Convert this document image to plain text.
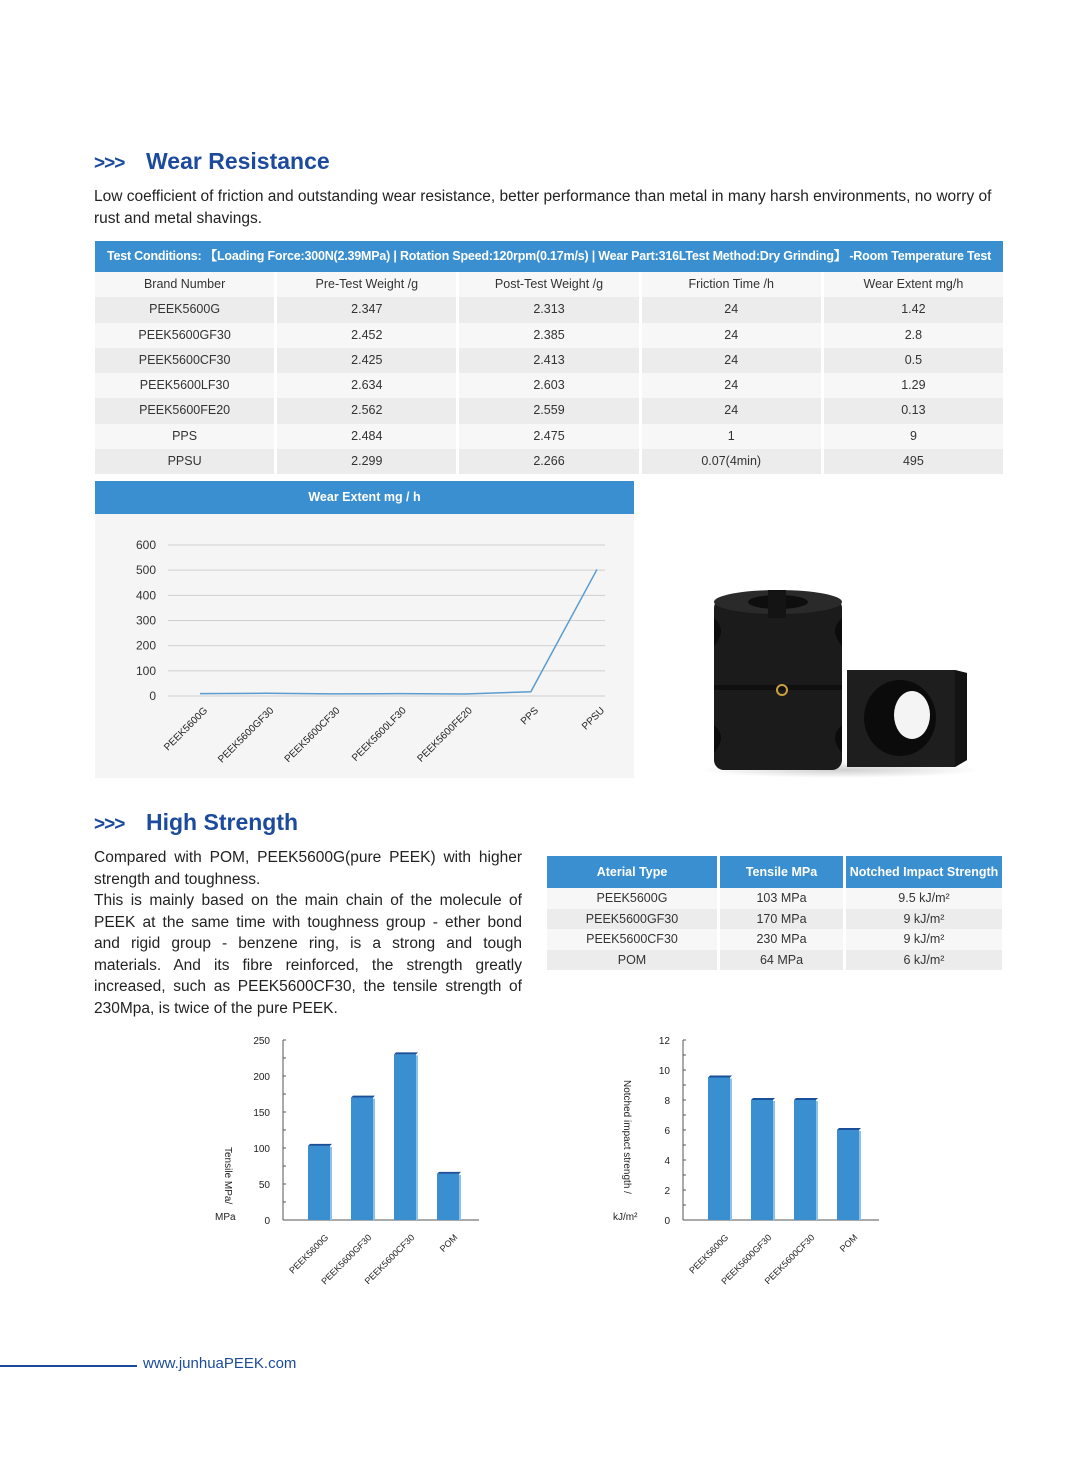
>>> Wear Resistance
Low coefficient of friction and outstanding wear resistance, better performance than metal in many harsh environments, no worry of rust and metal shavings.
Test Conditions: 【Loading Force:300N(2.39MPa) | Rotation Speed:120rpm(0.17m/s) | Wear Part:316LTest Method:Dry Grinding】 -Room Temperature Test
Brand Number	Pre-Test Weight /g	Post-Test Weight /g	Friction Time /h	Wear Extent mg/h
PEEK5600G	2.347	2.313	24	1.42
PEEK5600GF30	2.452	2.385	24	2.8
PEEK5600CF30	2.425	2.413	24	0.5
PEEK5600LF30	2.634	2.603	24	1.29
PEEK5600FE20	2.562	2.559	24	0.13
PPS	2.484	2.475	1	9
PPSU	2.299	2.266	0.07(4min)	495
Wear Extent mg / h
0
100
200
300
400
500
600
PEEK5600G PEEK5600GF30 PEEK5600CF30 PEEK5600LF30 PEEK5600FE20	PPS	PPSU
>>> High Strength
Compared with POM, PEEK5600G(pure PEEK) with higher strength and toughness.
This is mainly based on the main chain of the molecule of PEEK at the same time with toughness group - ether bond and rigid group - benzene ring, is a strong and tough materials. And its fibre reinforced, the strength greatly increased, such as PEEK5600CF30, the tensile strength of 230Mpa, is twice of the pure PEEK.
Aterial Type	Tensile MPa	Notched Impact Strength
PEEK5600G	103 MPa	9.5 kJ/m²
PEEK5600GF30	170 MPa	9 kJ/m²
PEEK5600CF30	230 MPa	9 kJ/m²
POM	64 MPa	6 kJ/m²
0
50
100
150
200
250
PEEK5600G
PEEK5600GF30
PEEK5600CF30 POM
Tensile MPa/
MPa	0
2
4
6
8
10
12
PEEK5600G
PEEK5600GF30
PEEK5600CF30 POM
Notched impact strength /
kJ/m²
www.junhuaPEEK.com
